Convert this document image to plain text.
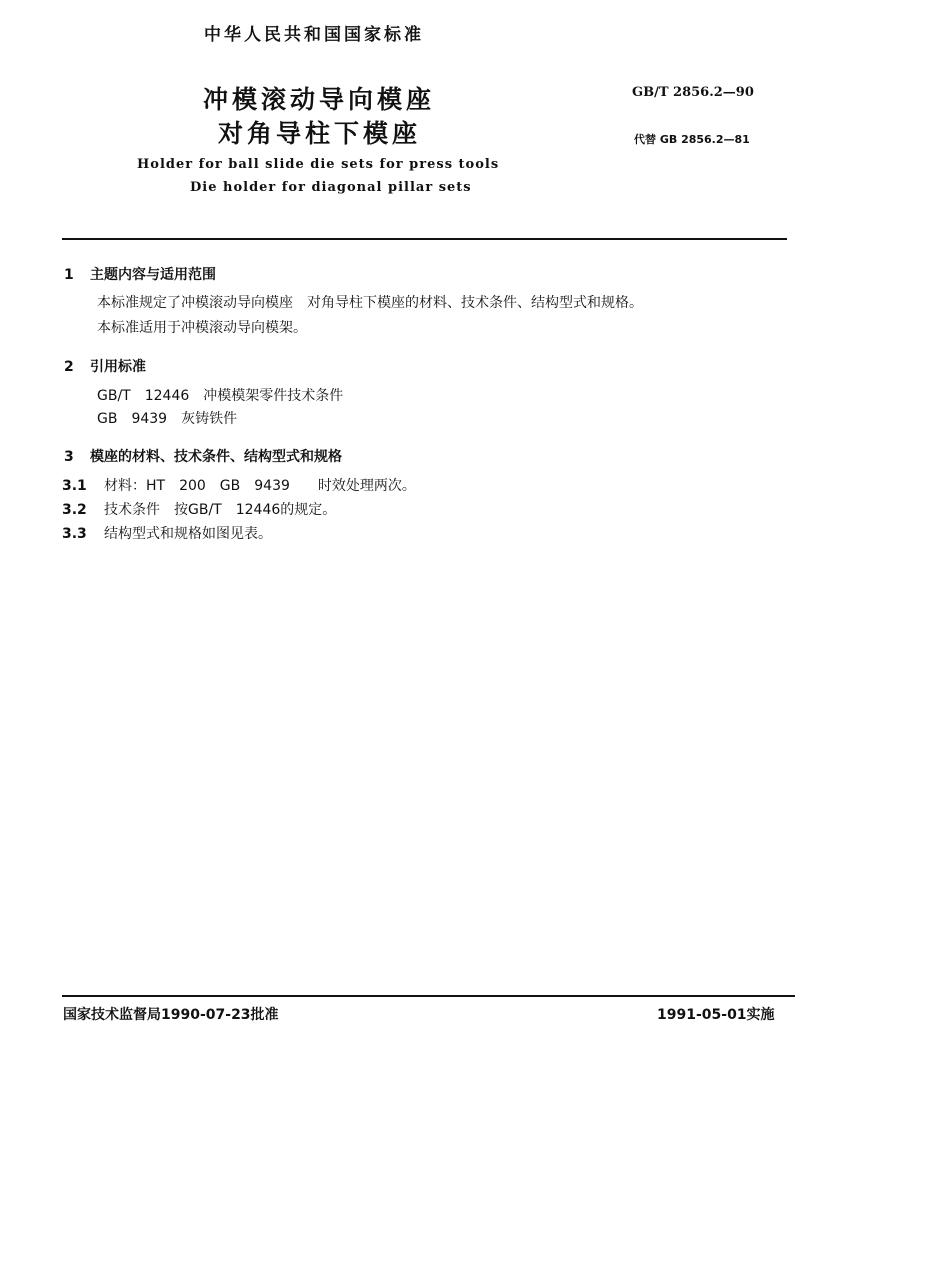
中华人民共和国国家标准
冲模滚动导向模座
对角导柱下模座
GB/T 2856.2—90
代替 GB 2856.2—81
Holder for ball slide die sets for press tools
Die holder for diagonal pillar sets
1 主题内容与适用范围
本标准规定了冲模滚动导向模座　对角导柱下模座的材料、技术条件、结构型式和规格。
本标准适用于冲模滚动导向模架。
2 引用标准
GB/T　12446　冲模模架零件技术条件
GB　9439　灰铸铁件
3 模座的材料、技术条件、结构型式和规格
3.1 材料：HT　200　GB　9439　　时效处理两次。
3.2 技术条件　按GB/T　12446的规定。
3.3 结构型式和规格如图见表。
国家技术监督局1990-07-23批准	1991-05-01实施
